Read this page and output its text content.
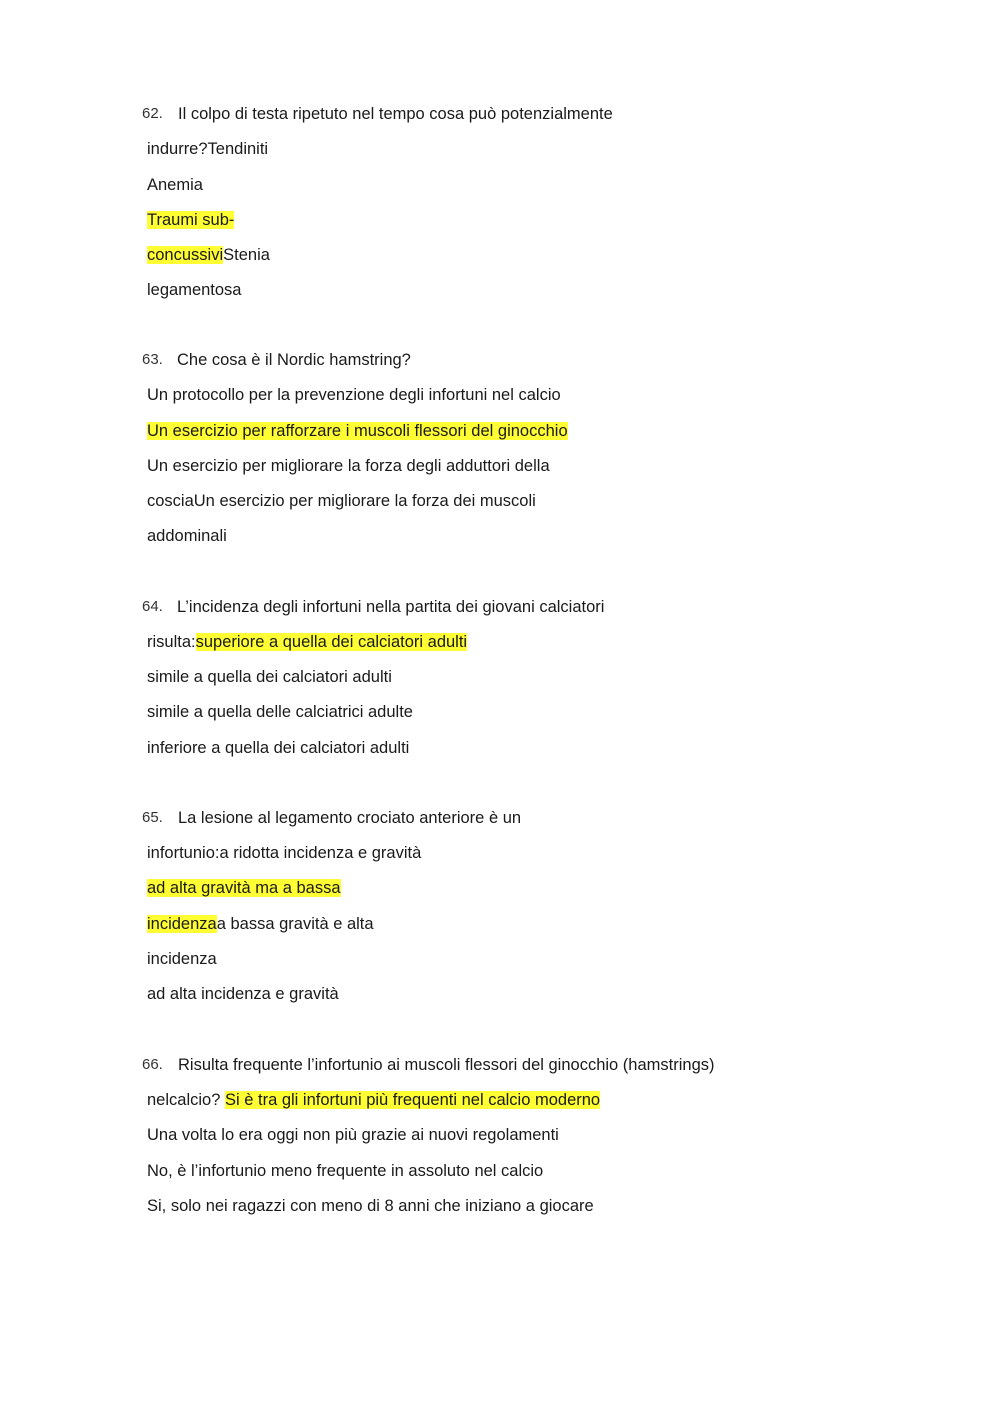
62. Il colpo di testa ripetuto nel tempo cosa può potenzialmente
indurre?Tendiniti
Anemia
Traumi sub-
concussiviStenia
legamentosa
63. Che cosa è il Nordic hamstring?
Un protocollo per la prevenzione degli infortuni nel calcio
Un esercizio per rafforzare i muscoli flessori del ginocchio
Un esercizio per migliorare la forza degli adduttori della
cosciaUn esercizio per migliorare la forza dei muscoli
addominali
64. L’incidenza degli infortuni nella partita dei giovani calciatori
risulta:superiore a quella dei calciatori adulti
simile a quella dei calciatori adulti
simile a quella delle calciatrici adulte
inferiore a quella dei calciatori adulti
65. La lesione al legamento crociato anteriore è un
infortunio:a ridotta incidenza e gravità
ad alta gravità ma a bassa
incidenzaa bassa gravità e alta
incidenza
ad alta incidenza e gravità
66. Risulta frequente l’infortunio ai muscoli flessori del ginocchio (hamstrings)
nelcalcio? Si è tra gli infortuni più frequenti nel calcio moderno
Una volta lo era oggi non più grazie ai nuovi regolamenti
No, è l’infortunio meno frequente in assoluto nel calcio
Si, solo nei ragazzi con meno di 8 anni che iniziano a giocare
